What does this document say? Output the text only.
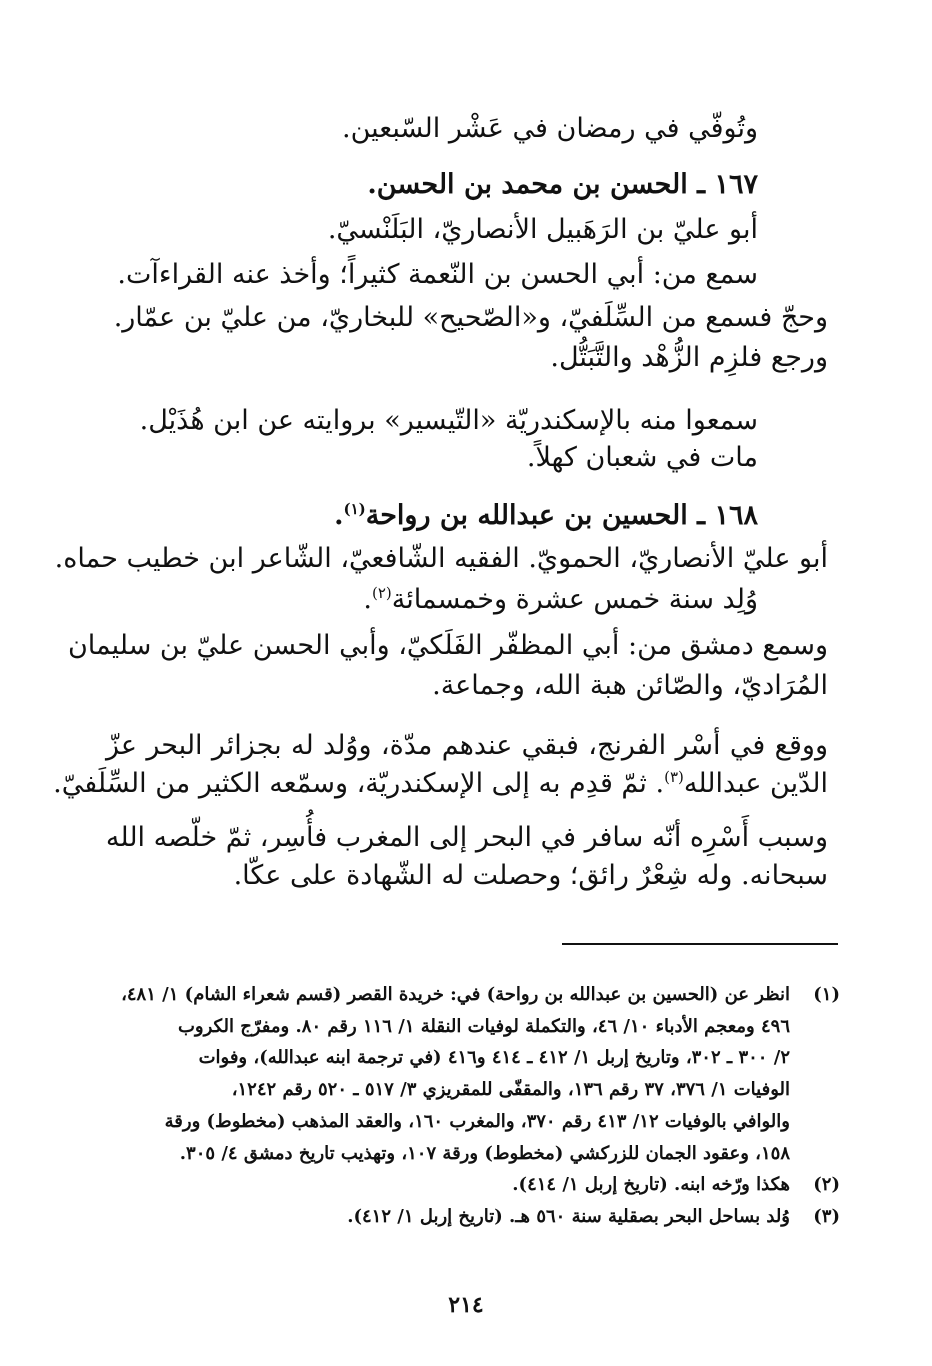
وتُوفّي في رمضان في عَشْر السّبعين.
١٦٧ ـ الحسن بن محمد بن الحسن.
أبو عليّ بن الرَهَبيل الأنصاريّ، البَلَنْسيّ.
سمع من: أبي الحسن بن النّعمة كثيراً؛ وأخذ عنه القراءآت.
وحجّ فسمع من السِّلَفيّ، و«الصّحيح» للبخاريّ، من عليّ بن عمّار.
ورجع فلزِم الزُّهْد والتَّبَتُّل.
سمعوا منه بالإسكندريّة «التّيسير» بروايته عن ابن هُذَيْل.
مات في شعبان كهلاً.
١٦٨ ـ الحسين بن عبدالله بن رواحة$^{(١)}$.
أبو عليّ الأنصاريّ، الحمويّ. الفقيه الشّافعيّ، الشّاعر ابن خطيب حماه.
وُلِد سنة خمس عشرة وخمسمائة$^{(٢)}$.
وسمع دمشق من: أبي المظفّر الفَلَكيّ، وأبي الحسن عليّ بن سليمان
المُرَاديّ، والصّائن هبة الله، وجماعة.
ووقع في أسْر الفرنج، فبقي عندهم مدّة، ووُلد له بجزائر البحر عزّ
الدّين عبدالله$^{(٣)}$. ثمّ قدِم به إلى الإسكندريّة، وسمّعه الكثير من السِّلَفيّ.
وسبب أَسْرِه أنّه سافر في البحر إلى المغرب فأُسِر، ثمّ خلّصه الله
سبحانه. وله شِعْرٌ رائق؛ وحصلت له الشّهادة على عكّا.
(١)
انظر عن (الحسين بن عبدالله بن رواحة) في: خريدة القصر (قسم شعراء الشام) ١/ ٤٨١،
٤٩٦ ومعجم الأدباء ١٠/ ٤٦، والتكملة لوفيات النقلة ١/ ١١٦ رقم ٨٠. ومفرّج الكروب
٢/ ٣٠٠ ـ ٣٠٢، وتاريخ إربل ١/ ٤١٢ ـ ٤١٤ و٤١٦ (في ترجمة ابنه عبدالله)، وفوات
الوفيات ١/ ٣٧٦، ٣٧ رقم ١٣٦، والمقفّى للمقريزي ٣/ ٥١٧ ـ ٥٢٠ رقم ١٢٤٢،
والوافي بالوفيات ١٢/ ٤١٣ رقم ٣٧٠، والمغرب ١٦٠، والعقد المذهب (مخطوط) ورقة
١٥٨، وعقود الجمان للزركشي (مخطوط) ورقة ١٠٧، وتهذيب تاريخ دمشق ٤/ ٣٠٥.
(٢)
هكذا ورّخه ابنه. (تاريخ إربل ١/ ٤١٤).
(٣)
وُلد بساحل البحر بصقلية سنة ٥٦٠ هـ. (تاريخ إربل ١/ ٤١٢).
٢١٤
